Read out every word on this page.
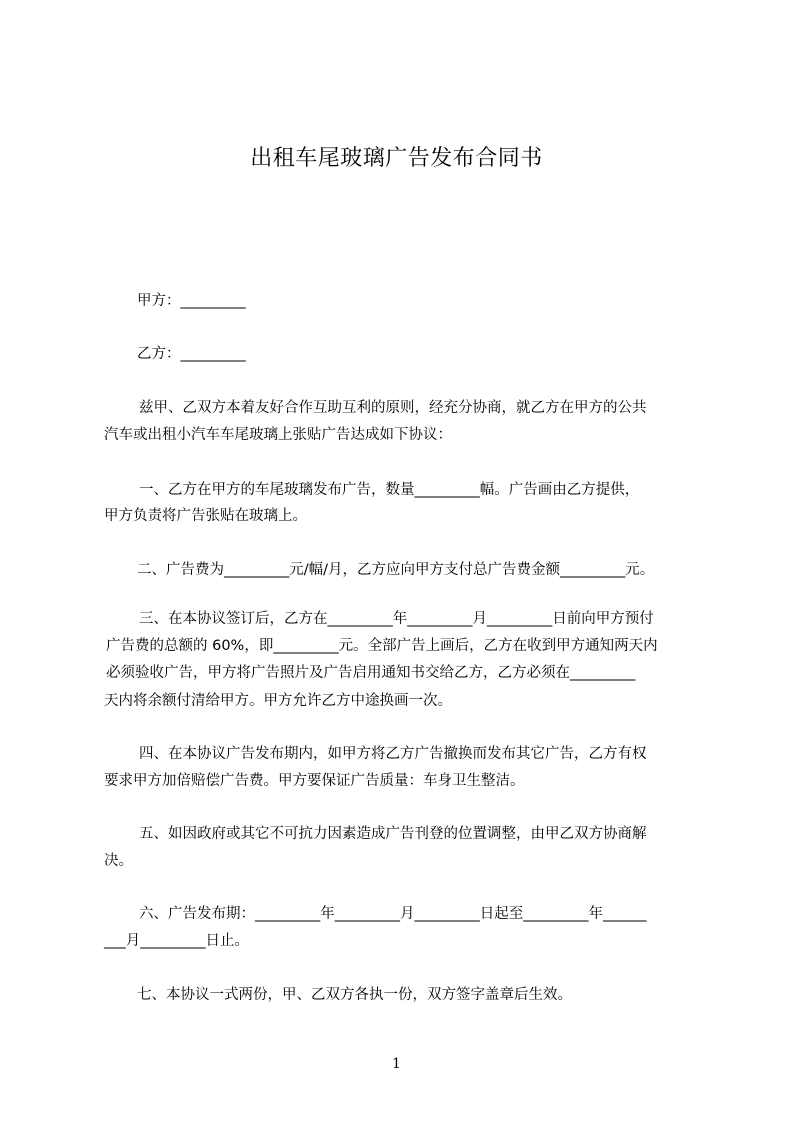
出租车尾玻璃广告发布合同书
甲方：_________
乙方：_________
兹甲、乙双方本着友好合作互助互利的原则，经充分协商，就乙方在甲方的公共
汽车或出租小汽车车尾玻璃上张贴广告达成如下协议：
一、乙方在甲方的车尾玻璃发布广告，数量_________幅。广告画由乙方提供，
甲方负责将广告张贴在玻璃上。
二、广告费为_________元/幅/月，乙方应向甲方支付总广告费金额_________元。
三、在本协议签订后，乙方在_________年_________月_________日前向甲方预付
广告费的总额的 60%，即_________元。全部广告上画后，乙方在收到甲方通知两天内
必须验收广告，甲方将广告照片及广告启用通知书交给乙方，乙方必须在_________
天内将余额付清给甲方。甲方允许乙方中途换画一次。
四、在本协议广告发布期内，如甲方将乙方广告撤换而发布其它广告，乙方有权
要求甲方加倍赔偿广告费。甲方要保证广告质量：车身卫生整洁。
五、如因政府或其它不可抗力因素造成广告刊登的位置调整，由甲乙双方协商解
决。
六、广告发布期：_________年_________月_________日起至_________年______
___月_________日止。
七、本协议一式两份，甲、乙双方各执一份，双方签字盖章后生效。
1
